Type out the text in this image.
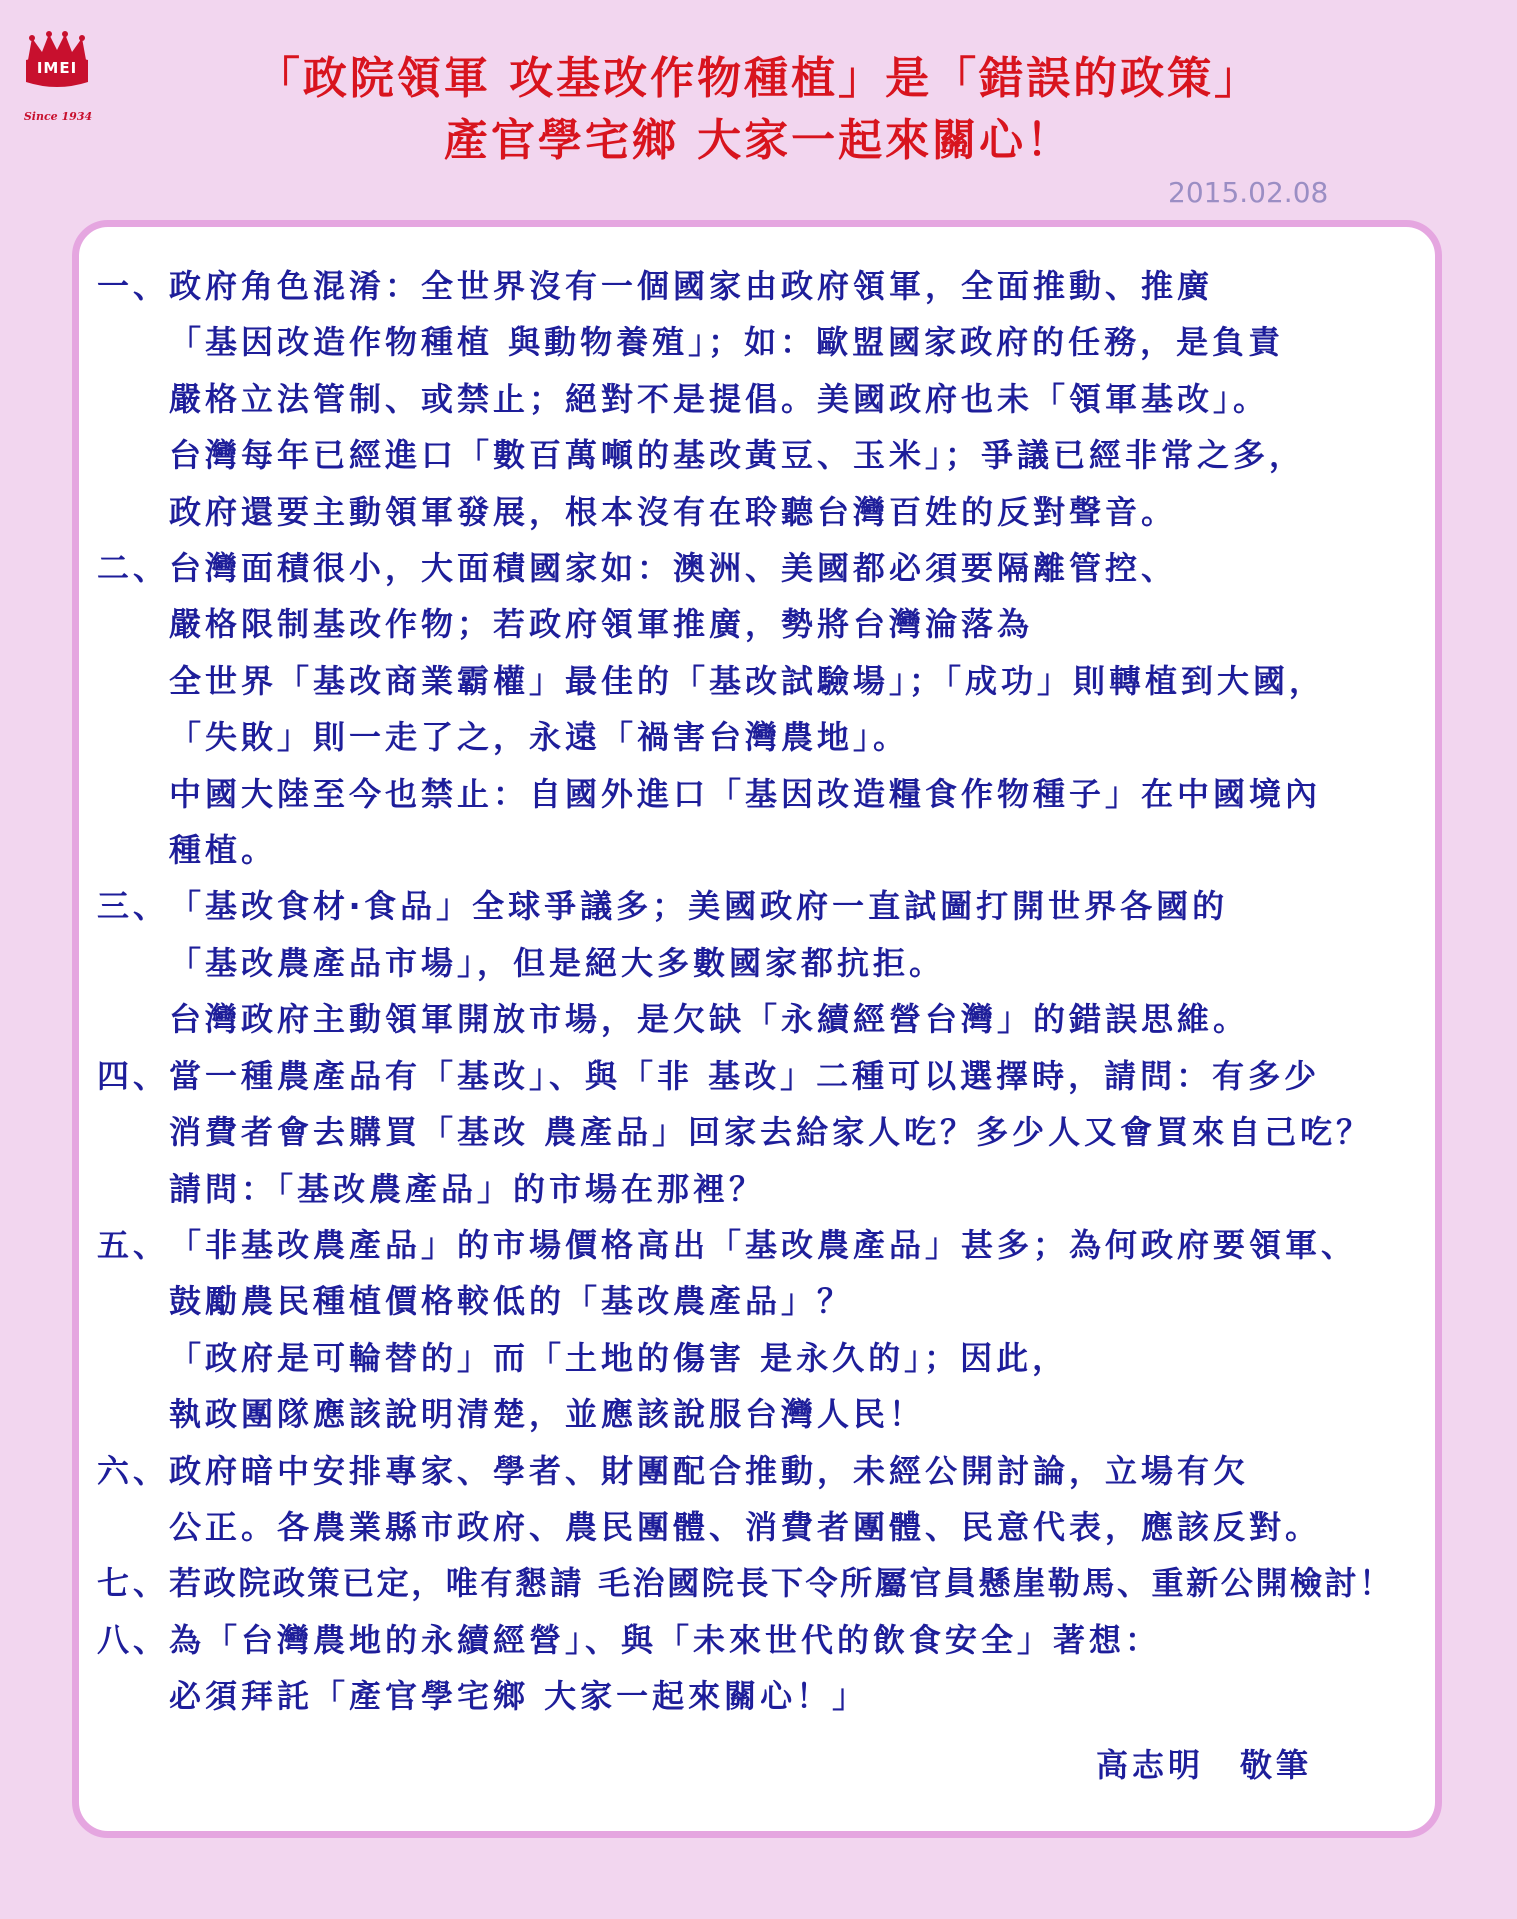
IMEI
Since 1934
「政院領軍 攻基改作物種植」是「錯誤的政策」
產官學宅鄉 大家一起來關心！
2015.02.08
一、 政府角色混淆：全世界沒有一個國家由政府領軍，全面推動、推廣
「基因改造作物種植 與動物養殖」；如：歐盟國家政府的任務，是負責
嚴格立法管制、或禁止；絕對不是提倡。美國政府也未「領軍基改」。
台灣每年已經進口「數百萬噸的基改黃豆、玉米」；爭議已經非常之多，
政府還要主動領軍發展，根本沒有在聆聽台灣百姓的反對聲音。
二、 台灣面積很小，大面積國家如：澳洲、美國都必須要隔離管控、
嚴格限制基改作物；若政府領軍推廣，勢將台灣淪落為
全世界「基改商業霸權」最佳的「基改試驗場」；「成功」則轉植到大國，
「失敗」則一走了之，永遠「禍害台灣農地」。
中國大陸至今也禁止：自國外進口「基因改造糧食作物種子」在中國境內
種植。
三、 「基改食材‧食品」全球爭議多；美國政府一直試圖打開世界各國的
「基改農產品市場」，但是絕大多數國家都抗拒。
台灣政府主動領軍開放市場，是欠缺「永續經營台灣」的錯誤思維。
四、 當一種農產品有「基改」、與「非 基改」二種可以選擇時，請問：有多少
消費者會去購買「基改 農產品」回家去給家人吃？多少人又會買來自己吃？
請問：「基改農產品」的市場在那裡？
五、 「非基改農產品」的市場價格高出「基改農產品」甚多；為何政府要領軍、
鼓勵農民種植價格較低的「基改農產品」？
「政府是可輪替的」而「土地的傷害 是永久的」；因此，
執政團隊應該說明清楚，並應該說服台灣人民！
六、 政府暗中安排專家、學者、財團配合推動，未經公開討論，立場有欠
公正。各農業縣市政府、農民團體、消費者團體、民意代表，應該反對。
七、 若政院政策已定，唯有懇請 毛治國院長下令所屬官員懸崖勒馬、重新公開檢討！
八、 為「台灣農地的永續經營」、與「未來世代的飲食安全」著想：
必須拜託「產官學宅鄉 大家一起來關心！」
高志明　敬筆
